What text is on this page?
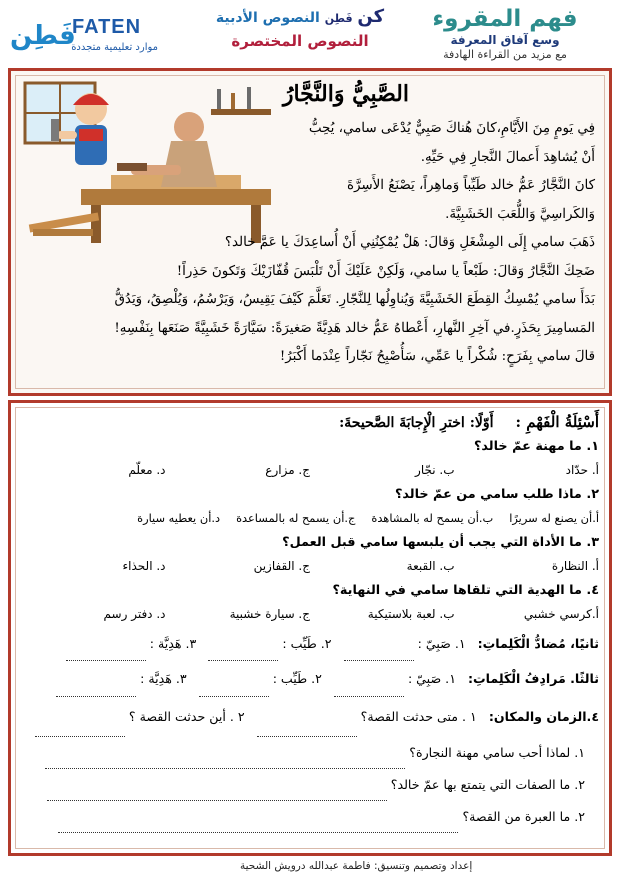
فهم المقروء
وسع آفاق المعرفة
مع مزيد من القراءة الهادفة
كن فَطِن النصوص الأدبية
النصوص المختصرة
فَطِن
FATEN
موارد تعليمية متجددة
الصَّبِيُّ وَالنَّجَّارُ
فِي يَومٍ مِنَ الأَيَّامِ،كانَ هُناكَ صَبِيٌّ يُدْعَى سامي، يُحِبُّ
أَنْ يُشاهِدَ أَعمالَ النَّجارِ فِي حَيِّهِ.
كانَ النَّجَّارُ عَمُّ خالد طَيِّباً وَماهِراً، يَصْنَعُ الأَسِرَّةَ
وَالكَراسِيَّ وَاللُّعَبَ الخَشَبِيَّةَ.
ذَهَبَ سامي إِلَى المِشْغَلِ وَقالَ: هَلْ يُمْكِنُنِي أَنْ أُساعِدَكَ يا عَمَّ خالد؟
ضَحِكَ النَّجَّارُ وَقالَ: طَبْعاً يا سامي، وَلَكِنْ عَلَيْكَ أَنْ تَلْبَسَ قُفّازَيْكَ وَتَكونَ حَذِراً!
بَدَأَ سامي يُمْسِكُ القِطَعَ الخَشَبِيَّةَ وَيُناوِلُها لِلنَّجّارِ. تَعَلَّمَ كَيْفَ يَقِيسُ، وَيَرْسُمُ، وَيُلْصِقُ، وَيَدُقُّ
المَسامِيرَ بِحَذَرٍ.في آخِرِ النَّهارِ، أَعْطاهُ عَمُّ خالد هَدِيَّةً صَغيرَةً: سَيَّارَةً خَشَبِيَّةً صَنَعَها بِنَفْسِهِ!
قالَ سامي بِفَرَحٍ: شُكْراً يا عَمِّي، سَأُصْبِحُ نَجّاراً عِنْدَما أَكْبَرُ!
أَسْئِلَةُ الْفَهْمِ : أَوّلًا: اخترِ الْإِجابَةَ الصَّحيحةَ:
١. ما مهنة عمّ خالد؟
أ. حدّاد
ب. نجّار
ج. مزارع
د. معلّم
٢. ماذا طلب سامي من عمّ خالد؟
أ.أن يصنع له سريرًا
ب.أن يسمح له بالمشاهدة
ج.أن يسمح له بالمساعدة
د.أن يعطيه سيارة
٣. ما الأداة التي يجب أن يلبسها سامي قبل العمل؟
أ. النظارة
ب. القبعة
ج. القفازين
د. الحذاء
٤. ما الهدية التي تلقاها سامي في النهاية؟
أ.كرسي خشبي
ب. لعبة بلاستيكية
ج. سيارة خشبية
د. دفتر رسم
ثانيًا، مُضادُّ الْكَلِماتِ: ١. صَبِيّ :  ٢. طَيِّب :  ٣. هَدِيَّة :
ثالثًا. مَرادِفُ الْكَلِماتِ: ١. صَبِيّ :  ٢. طَيِّب :  ٣. هَدِيَّة :
٤.الزمان والمكان: ١ . متى حدثت القصة؟  ٢ . أين حدثت القصة ؟
١. لماذا أحب سامي مهنة النجارة؟
٢. ما الصفات التي يتمتع بها عمّ خالد؟
٢. ما العبرة من القصة؟
إعداد وتصميم وتنسيق: فاطمة عبدالله درويش الشحية
